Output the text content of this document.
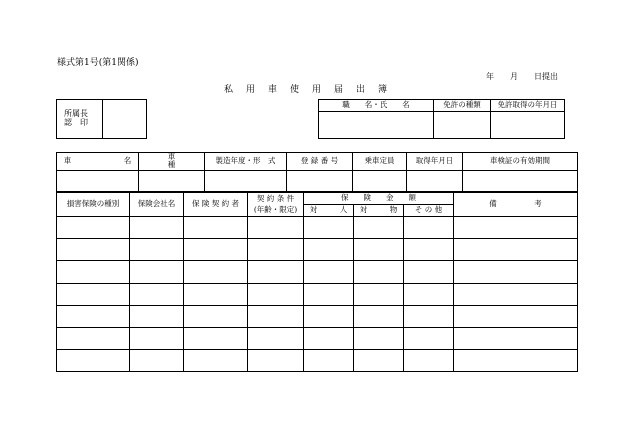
様式第1号(第1関係)
年　　月　　日提出
私用車使用届出簿
所属長
認　印	
職　　名・氏　　名	免許の種類	免許取得の年月日

車　　　　　　　名	車　　　　　　　種	製造年度・形　式	登 録 番 号	乗車定員	取得年月日	車検証の有効期間

損害保険の種別	保険会社名	保 険 契 約 者	契 約 条 件	保　　険　　金　　額			備　　　　　考
			(年齢・限定)	対　　　人	対　　　物	そ の 他	
